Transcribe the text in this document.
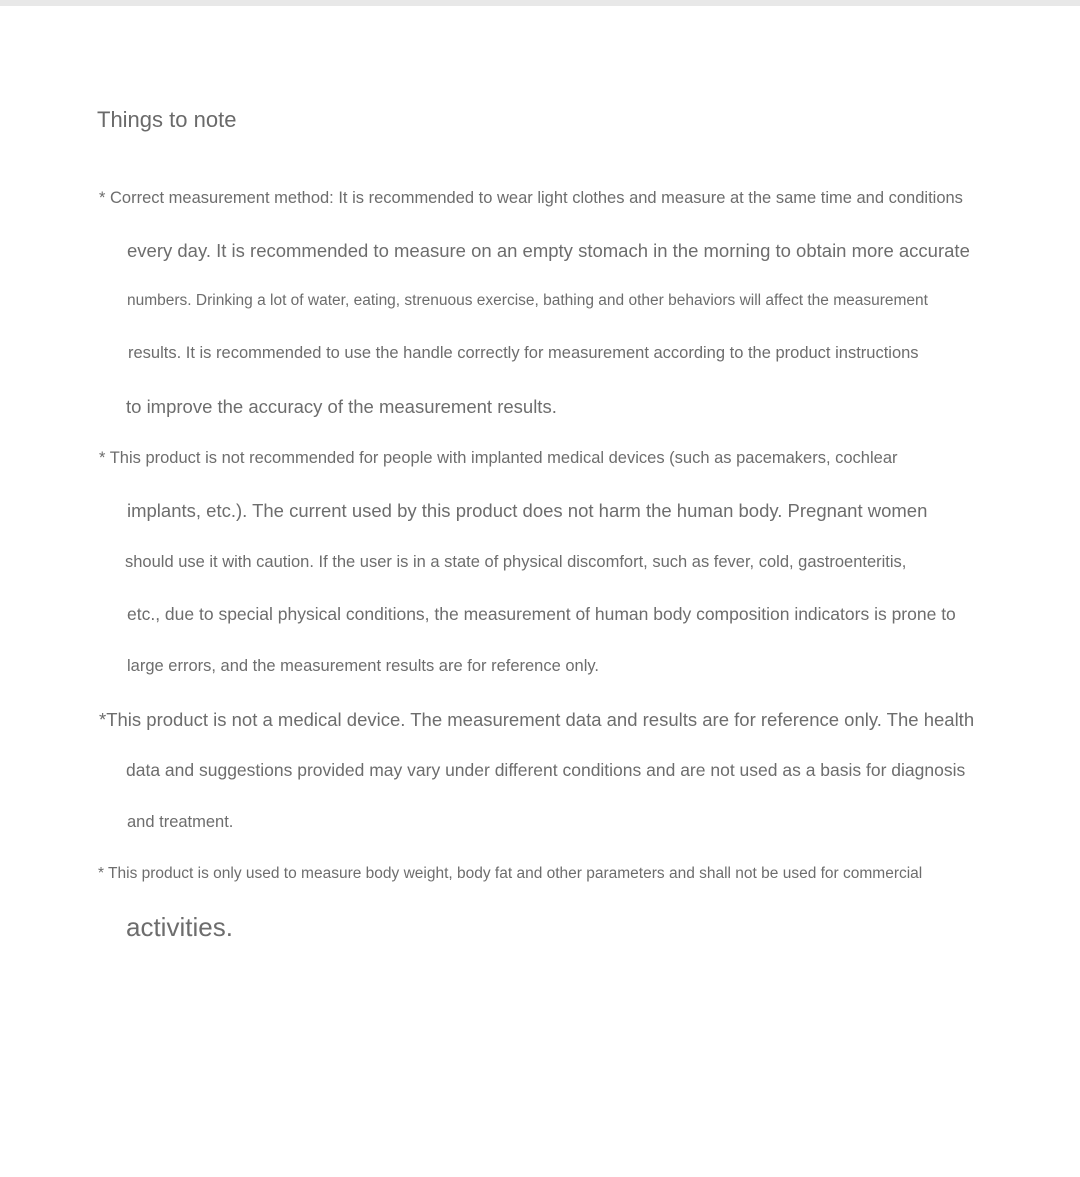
Things to note
* Correct measurement method: It is recommended to wear light clothes and measure at the same time and conditions
every day. It is recommended to measure on an empty stomach in the morning to obtain more accurate
numbers. Drinking a lot of water, eating, strenuous exercise, bathing and other behaviors will affect the measurement
results. It is recommended to use the handle correctly for measurement according to the product instructions
to improve the accuracy of the measurement results.
* This product is not recommended for people with implanted medical devices (such as pacemakers, cochlear
implants, etc.). The current used by this product does not harm the human body. Pregnant women
should use it with caution. If the user is in a state of physical discomfort, such as fever, cold, gastroenteritis,
etc., due to special physical conditions, the measurement of human body composition indicators is prone to
large errors, and the measurement results are for reference only.
*This product is not a medical device. The measurement data and results are for reference only. The health
data and suggestions provided may vary under different conditions and are not used as a basis for diagnosis
and treatment.
* This product is only used to measure body weight, body fat and other parameters and shall not be used for commercial
activities.
